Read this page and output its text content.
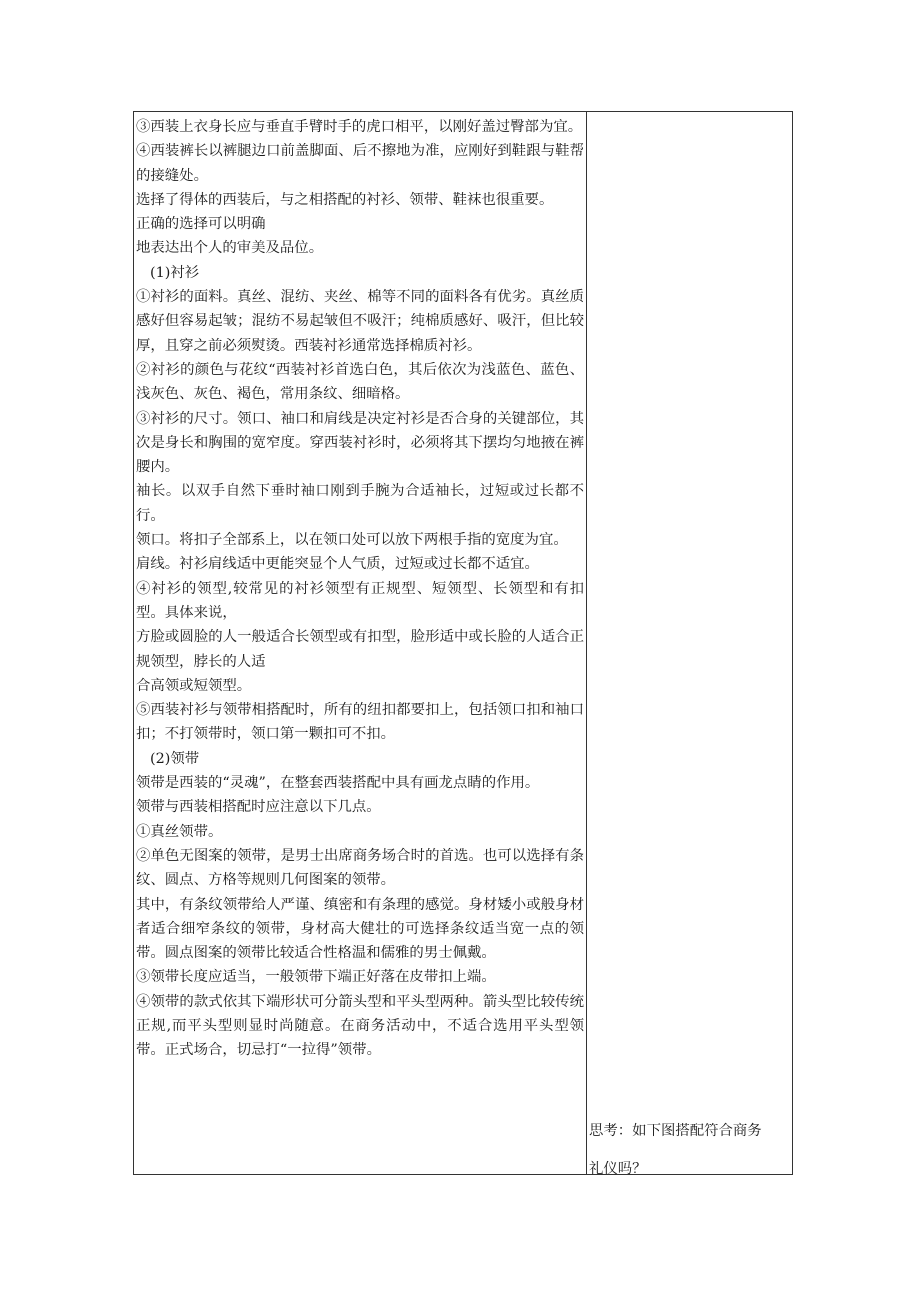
③西装上衣身长应与垂直手臂时手的虎口相平，以刚好盖过臀部为宜。

④西装裤长以裤腿边口前盖脚面、后不擦地为准，应刚好到鞋跟与鞋帮的接缝处。

选择了得体的西装后，与之相搭配的衬衫、领带、鞋袜也很重要。

正确的选择可以明确

地表达出个人的审美及品位。

(1)衬衫

①衬衫的面料。真丝、混纺、夹丝、棉等不同的面料各有优劣。真丝质感好但容易起皱；混纺不易起皱但不吸汗；纯棉质感好、吸汗，但比较厚，且穿之前必须熨烫。西装衬衫通常选择棉质衬衫。

②衬衫的颜色与花纹“西装衬衫首选白色，其后依次为浅蓝色、蓝色、浅灰色、灰色、褐色，常用条纹、细暗格。

③衬衫的尺寸。领口、袖口和肩线是决定衬衫是否合身的关键部位，其次是身长和胸围的宽窄度。穿西装衬衫时，必须将其下摆均匀地掖在裤腰内。

袖长。以双手自然下垂时袖口刚到手腕为合适袖长，过短或过长都不行。

领口。将扣子全部系上，以在领口处可以放下两根手指的宽度为宜。

肩线。衬衫肩线适中更能突显个人气质，过短或过长都不适宜。

④衬衫的领型,较常见的衬衫领型有正规型、短领型、长领型和有扣型。具体来说，

方脸或圆脸的人一般适合长领型或有扣型，脸形适中或长脸的人适合正规领型，脖长的人适

合高领或短领型。

⑤西装衬衫与领带相搭配时，所有的纽扣都要扣上，包括领口扣和袖口扣；不打领带时，领口第一颗扣可不扣。

(2)领带

领带是西装的“灵魂”，在整套西装搭配中具有画龙点睛的作用。

领带与西装相搭配时应注意以下几点。

①真丝领带。

②单色无图案的领带，是男士出席商务场合时的首选。也可以选择有条纹、圆点、方格等规则几何图案的领带。

其中，有条纹领带给人严谨、缜密和有条理的感觉。身材矮小或般身材者适合细窄条纹的领带，身材高大健壮的可选择条纹适当宽一点的领带。圆点图案的领带比较适合性格温和儒雅的男士佩戴。

③领带长度应适当，一般领带下端正好落在皮带扣上端。

④领带的款式依其下端形状可分箭头型和平头型两种。箭头型比较传统正规,而平头型则显时尚随意。在商务活动中，不适合选用平头型领带。正式场合，切忌打“一拉得”领带。

思考：如下图搭配符合商务
礼仪吗？
